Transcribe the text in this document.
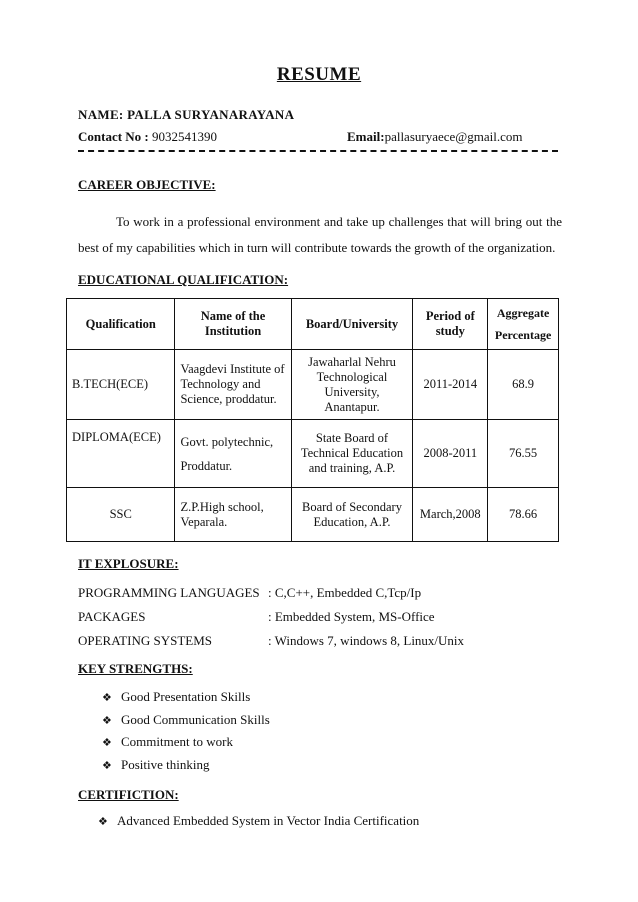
RESUME
NAME: PALLA SURYANARAYANA
Contact No : 9032541390	Email:pallasuryaece@gmail.com
CAREER OBJECTIVE:
To work in a professional environment and take up challenges that will bring out the best of my capabilities which in turn will contribute towards the growth of the organization.
EDUCATIONAL QUALIFICATION:
Qualification	Name of the Institution	Board/University	Period of study	Aggregate Percentage
B.TECH(ECE)	Vaagdevi Institute of Technology and Science, proddatur.	Jawaharlal Nehru Technological University, Anantapur.	2011-2014	68.9
DIPLOMA(ECE)	Govt. polytechnic, Proddatur.	State Board of Technical Education and training, A.P.	2008-2011	76.55
SSC	Z.P.High school, Veparala.	Board of Secondary Education, A.P.	March,2008	78.66
IT EXPLOSURE:
PROGRAMMING LANGUAGES : C,C++, Embedded C,Tcp/Ip
PACKAGES	: Embedded System, MS-Office
OPERATING SYSTEMS	: Windows 7, windows 8, Linux/Unix
KEY STRENGTHS:
❖ Good Presentation Skills
❖ Good Communication Skills
❖ Commitment to work
❖ Positive thinking
CERTIFICTION:
❖ Advanced Embedded System in Vector India Certification
